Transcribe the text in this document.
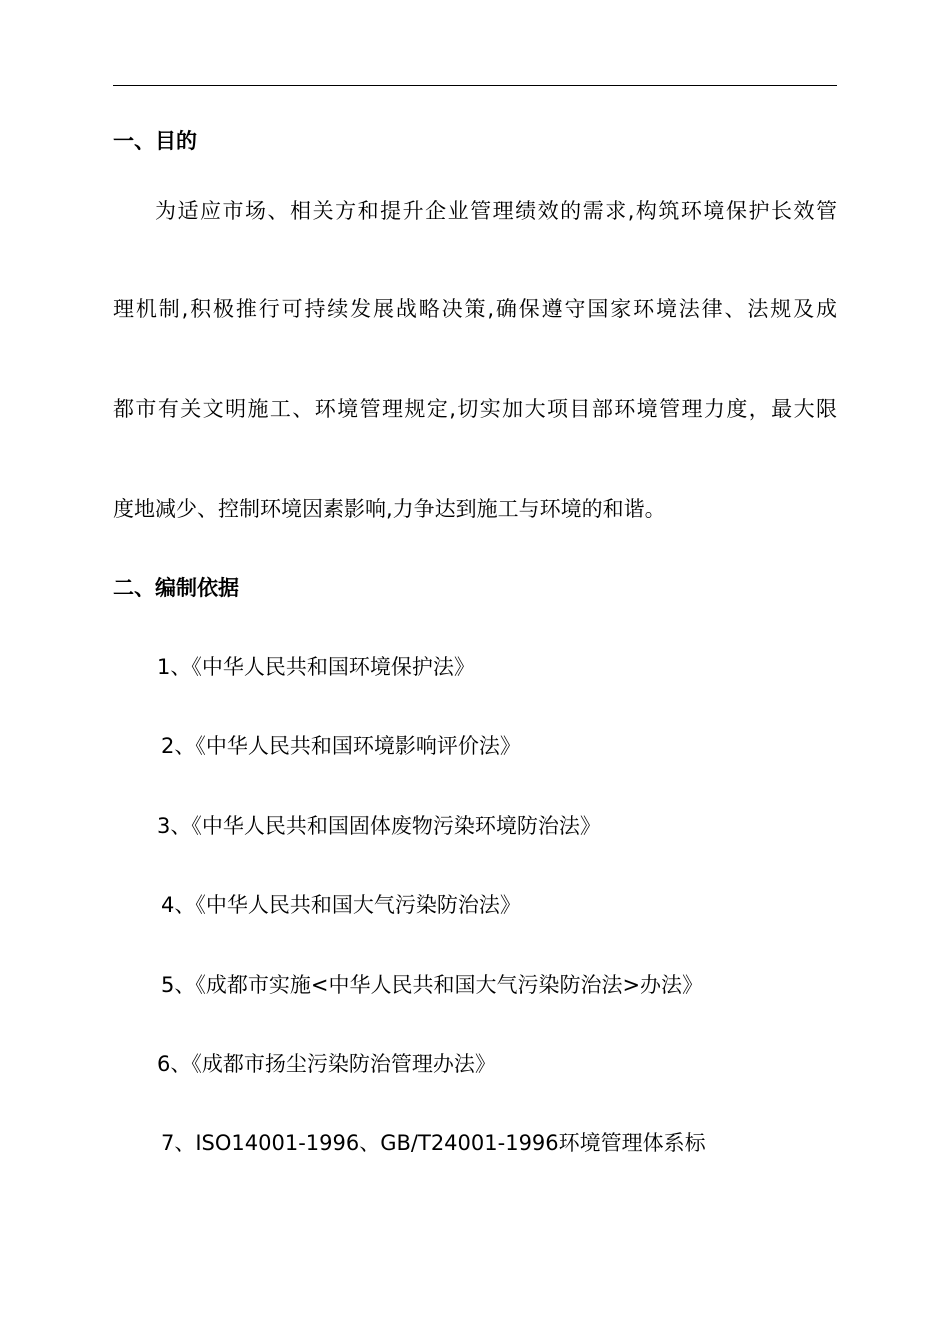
一、目的
为适应市场、相关方和提升企业管理绩效的需求,构筑环境保护长效管
理机制,积极推行可持续发展战略决策,确保遵守国家环境法律、法规及成
都市有关文明施工、环境管理规定,切实加大项目部环境管理力度，最大限
度地减少、控制环境因素影响,力争达到施工与环境的和谐。
二、编制依据
1、《中华人民共和国环境保护法》
2、《中华人民共和国环境影响评价法》
3、《中华人民共和国固体废物污染环境防治法》
4、《中华人民共和国大气污染防治法》
5、《成都市实施<中华人民共和国大气污染防治法>办法》
6、《成都市扬尘污染防治管理办法》
7、ISO14001-1996、GB/T24001-1996环境管理体系标
